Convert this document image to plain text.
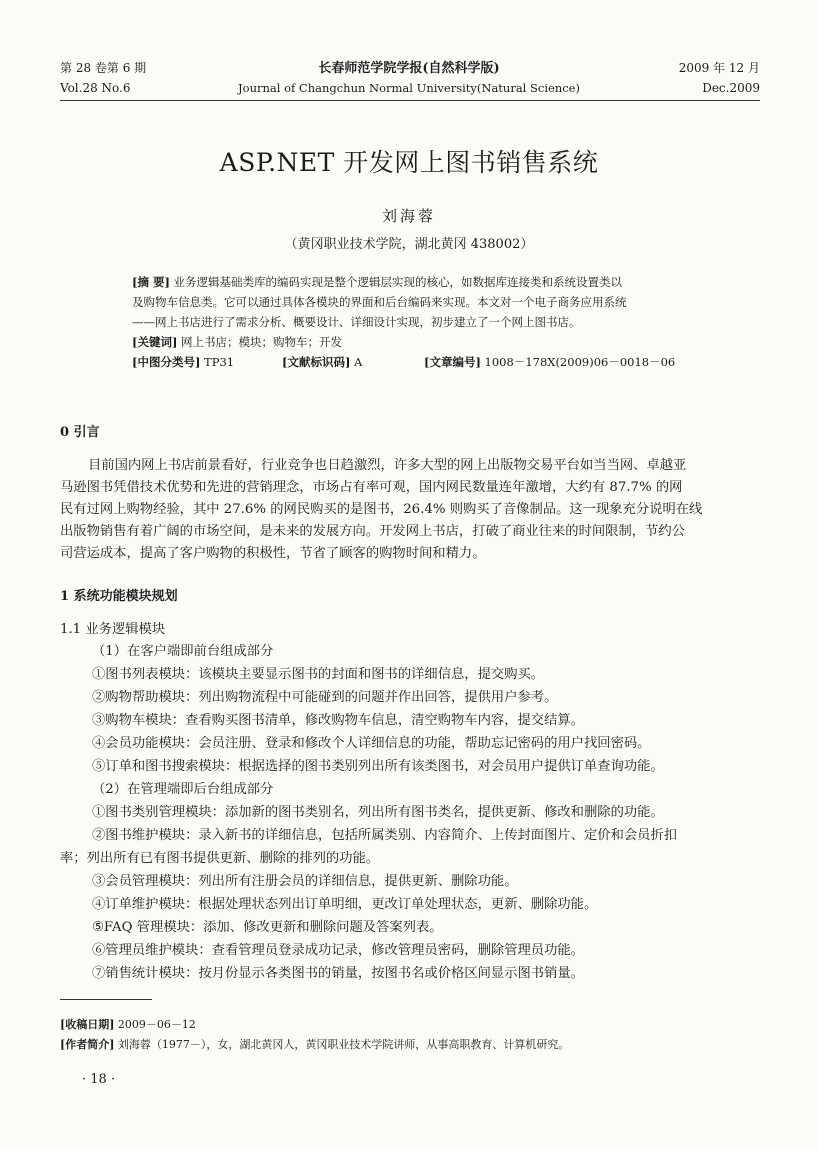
第 28 卷第 6 期
Vol.28 No.6
长春师范学院学报(自然科学版)
Journal of Changchun Normal University(Natural Science)
2009 年 12 月
Dec.2009
ASP.NET 开发网上图书销售系统
刘海蓉
（黄冈职业技术学院，湖北黄冈 438002）
[摘 要] 业务逻辑基础类库的编码实现是整个逻辑层实现的核心，如数据库连接类和系统设置类以
及购物车信息类。它可以通过具体各模块的界面和后台编码来实现。本文对一个电子商务应用系统
——网上书店进行了需求分析、概要设计、详细设计实现，初步建立了一个网上图书店。
[关键词] 网上书店；模块；购物车；开发
[中图分类号] TP31	[文献标识码] A	[文章编号] 1008－178X(2009)06－0018－06
0 引言
目前国内网上书店前景看好，行业竞争也日趋激烈，许多大型的网上出版物交易平台如当当网、卓越亚
马逊图书凭借技术优势和先进的营销理念，市场占有率可观，国内网民数量连年激增，大约有 87.7% 的网
民有过网上购物经验，其中 27.6% 的网民购买的是图书，26.4% 则购买了音像制品。这一现象充分说明在线
出版物销售有着广阔的市场空间，是未来的发展方向。开发网上书店，打破了商业往来的时间限制，节约公
司营运成本，提高了客户购物的积极性，节省了顾客的购物时间和精力。
1 系统功能模块规划
1.1 业务逻辑模块
（1）在客户端即前台组成部分
①图书列表模块：该模块主要显示图书的封面和图书的详细信息，提交购买。
②购物帮助模块：列出购物流程中可能碰到的问题并作出回答，提供用户参考。
③购物车模块：查看购买图书清单，修改购物车信息，清空购物车内容，提交结算。
④会员功能模块：会员注册、登录和修改个人详细信息的功能，帮助忘记密码的用户找回密码。
⑤订单和图书搜索模块：根据选择的图书类别列出所有该类图书，对会员用户提供订单查询功能。
（2）在管理端即后台组成部分
①图书类别管理模块：添加新的图书类别名，列出所有图书类名，提供更新、修改和删除的功能。
②图书维护模块：录入新书的详细信息，包括所属类别、内容简介、上传封面图片、定价和会员折扣
率；列出所有已有图书提供更新、删除的排列的功能。
③会员管理模块：列出所有注册会员的详细信息，提供更新、删除功能。
④订单维护模块：根据处理状态列出订单明细，更改订单处理状态，更新、删除功能。
⑤FAQ 管理模块：添加、修改更新和删除问题及答案列表。
⑥管理员维护模块：查看管理员登录成功记录，修改管理员密码，删除管理员功能。
⑦销售统计模块：按月份显示各类图书的销量，按图书名或价格区间显示图书销量。
[收稿日期] 2009－06－12
[作者简介] 刘海蓉（1977－），女，湖北黄冈人，黄冈职业技术学院讲师，从事高职教育、计算机研究。
· 18 ·
